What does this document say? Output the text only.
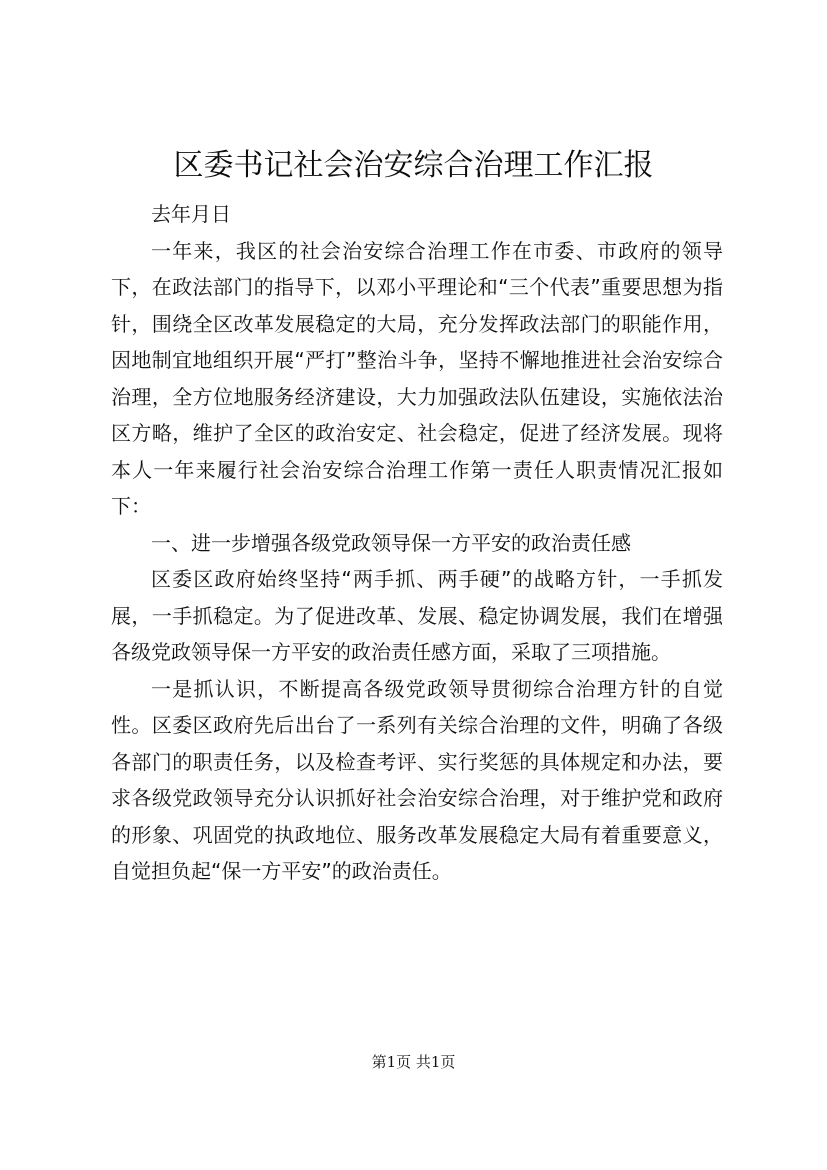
区委书记社会治安综合治理工作汇报

去年月日

一年来，我区的社会治安综合治理工作在市委、市政府的领导下，在政法部门的指导下，以邓小平理论和“三个代表”重要思想为指针，围绕全区改革发展稳定的大局，充分发挥政法部门的职能作用，因地制宜地组织开展“严打”整治斗争，坚持不懈地推进社会治安综合治理，全方位地服务经济建设，大力加强政法队伍建设，实施依法治区方略，维护了全区的政治安定、社会稳定，促进了经济发展。现将本人一年来履行社会治安综合治理工作第一责任人职责情况汇报如下：

一、进一步增强各级党政领导保一方平安的政治责任感

区委区政府始终坚持“两手抓、两手硬”的战略方针，一手抓发展，一手抓稳定。为了促进改革、发展、稳定协调发展，我们在增强各级党政领导保一方平安的政治责任感方面，采取了三项措施。

一是抓认识，不断提高各级党政领导贯彻综合治理方针的自觉性。区委区政府先后出台了一系列有关综合治理的文件，明确了各级各部门的职责任务，以及检查考评、实行奖惩的具体规定和办法，要求各级党政领导充分认识抓好社会治安综合治理，对于维护党和政府的形象、巩固党的执政地位、服务改革发展稳定大局有着重要意义，自觉担负起“保一方平安”的政治责任。

第1页 共1页
